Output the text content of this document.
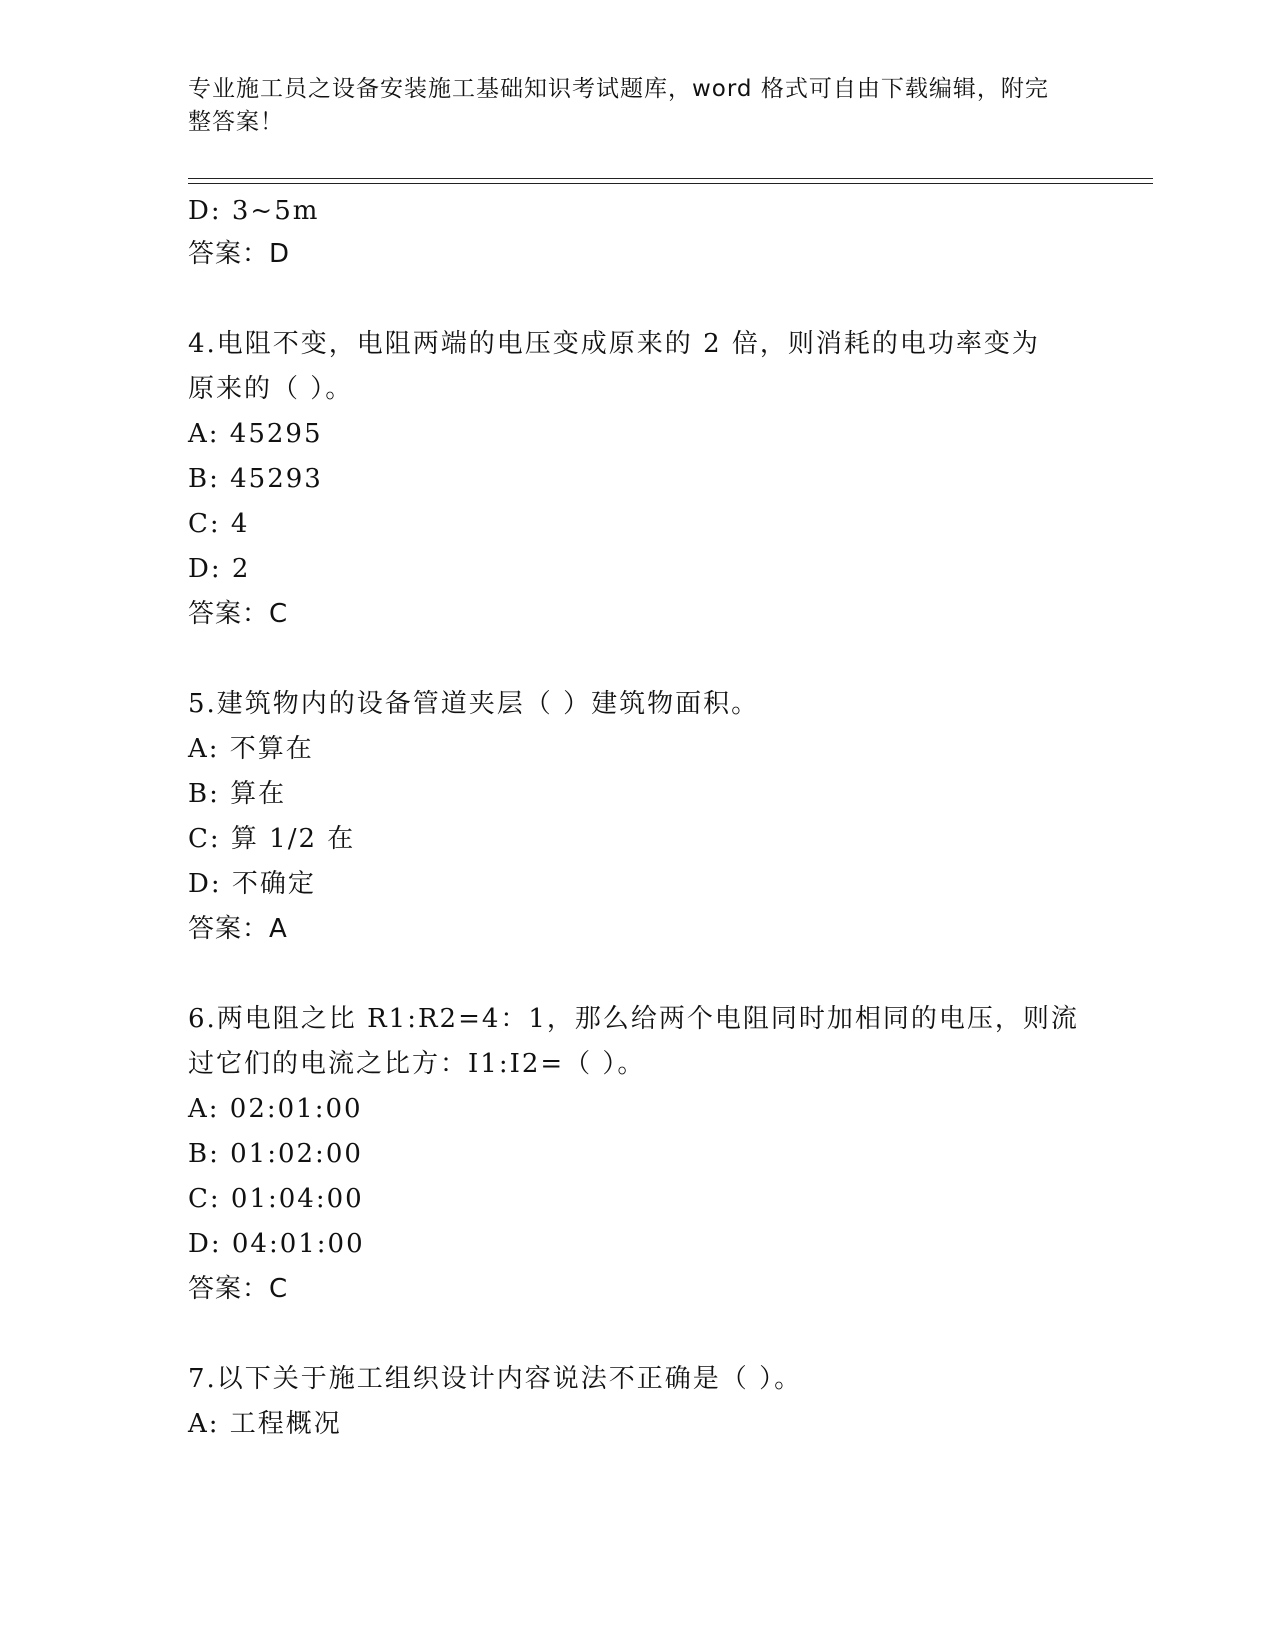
专业施工员之设备安装施工基础知识考试题库，word 格式可自由下载编辑，附完
整答案！
D: 3~5m
答案：D
4.电阻不变，电阻两端的电压变成原来的 2 倍，则消耗的电功率变为
原来的（ ）。
A: 45295
B: 45293
C: 4
D: 2
答案：C
5.建筑物内的设备管道夹层（ ）建筑物面积。
A: 不算在
B: 算在
C: 算 1/2 在
D: 不确定
答案：A
6.两电阻之比 R1:R2=4：1，那么给两个电阻同时加相同的电压，则流
过它们的电流之比方：I1:I2=（ ）。
A: 02:01:00
B: 01:02:00
C: 01:04:00
D: 04:01:00
答案：C
7.以下关于施工组织设计内容说法不正确是（ ）。
A: 工程概况
